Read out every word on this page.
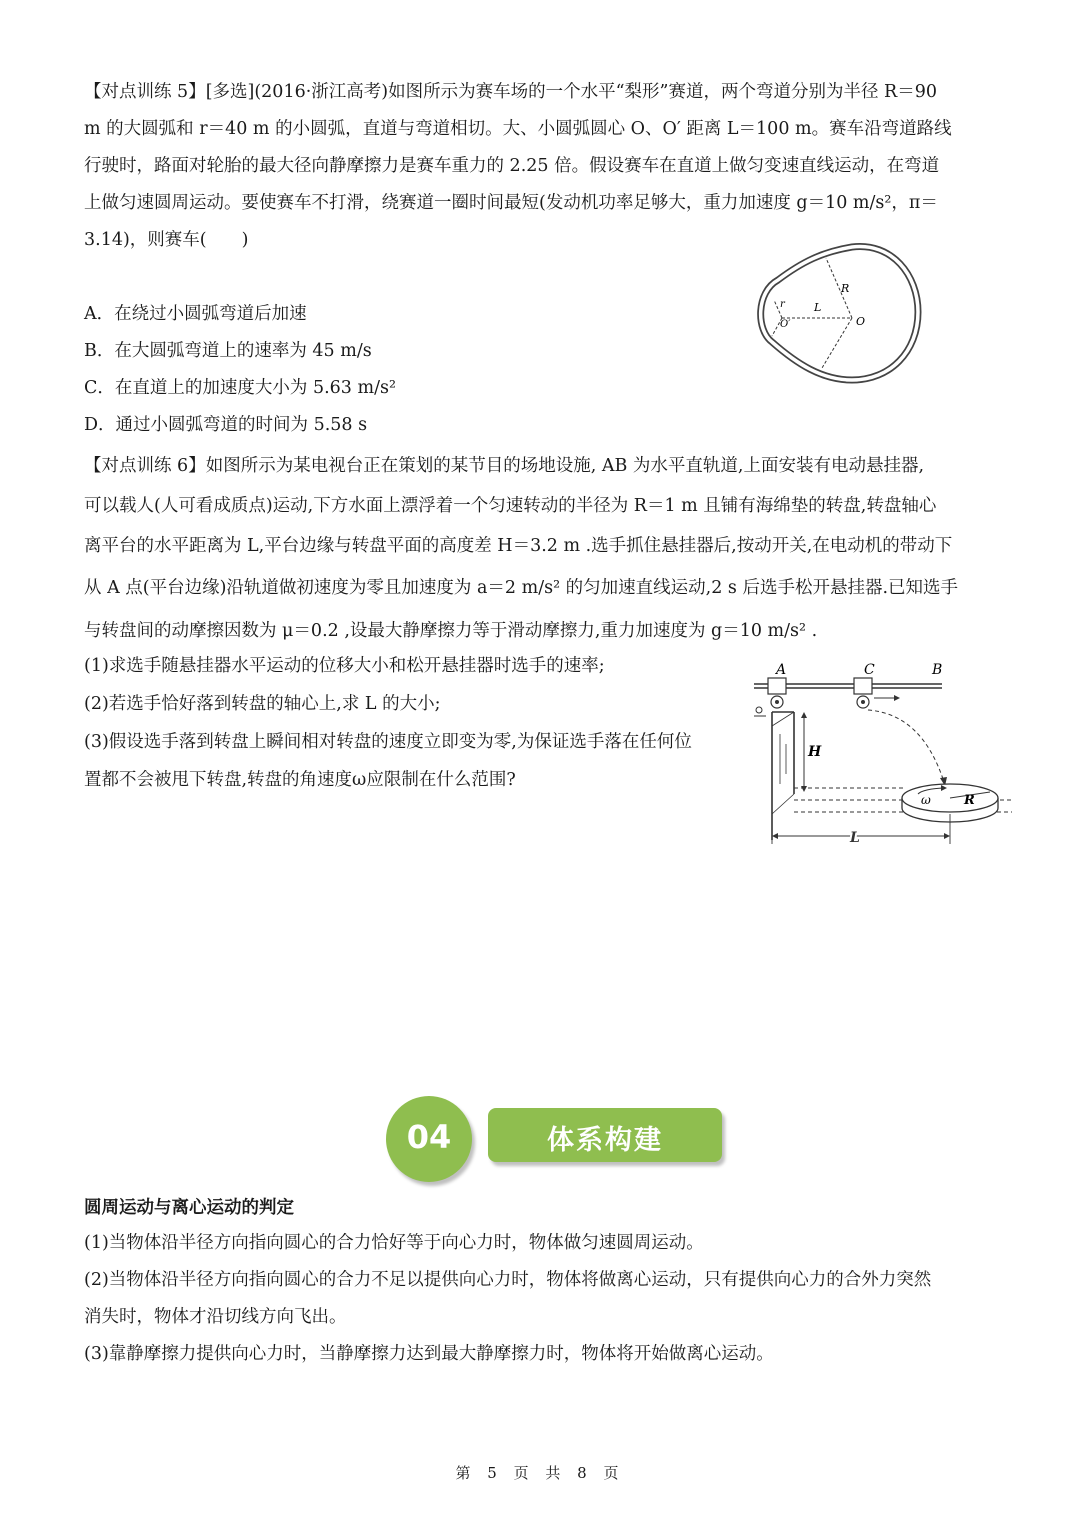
【对点训练 5】[多选](2016·浙江高考)如图所示为赛车场的一个水平“梨形”赛道，两个弯道分别为半径 R＝90
m 的大圆弧和 r＝40 m 的小圆弧，直道与弯道相切。大、小圆弧圆心 O、O′ 距离 L＝100 m。赛车沿弯道路线
行驶时，路面对轮胎的最大径向静摩擦力是赛车重力的 2.25 倍。假设赛车在直道上做匀变速直线运动，在弯道
上做匀速圆周运动。要使赛车不打滑，绕赛道一圈时间最短(发动机功率足够大，重力加速度 g＝10 m/s²，π＝
3.14)，则赛车(　　)
A．在绕过小圆弧弯道后加速
B．在大圆弧弯道上的速率为 45 m/s
C．在直道上的加速度大小为 5.63 m/s²
D．通过小圆弧弯道的时间为 5.58 s
R
L
r
O
O′
【对点训练 6】如图所示为某电视台正在策划的某节目的场地设施, AB 为水平直轨道,上面安装有电动悬挂器,
可以载人(人可看成质点)运动,下方水面上漂浮着一个匀速转动的半径为 R＝1 m 且铺有海绵垫的转盘,转盘轴心
离平台的水平距离为 L,平台边缘与转盘平面的高度差 H＝3.2 m .选手抓住悬挂器后,按动开关,在电动机的带动下
从 A 点(平台边缘)沿轨道做初速度为零且加速度为 a＝2 m/s² 的匀加速直线运动,2 s 后选手松开悬挂器.已知选手
与转盘间的动摩擦因数为 μ＝0.2 ,设最大静摩擦力等于滑动摩擦力,重力加速度为 g＝10 m/s² .
(1)求选手随悬挂器水平运动的位移大小和松开悬挂器时选手的速率;
(2)若选手恰好落到转盘的轴心上,求 L 的大小;
(3)假设选手落到转盘上瞬间相对转盘的速度立即变为零,为保证选手落在任何位
置都不会被甩下转盘,转盘的角速度ω应限制在什么范围?
A	C	B
H
ω	R
L
04	体系构建
圆周运动与离心运动的判定
(1)当物体沿半径方向指向圆心的合力恰好等于向心力时，物体做匀速圆周运动。
(2)当物体沿半径方向指向圆心的合力不足以提供向心力时，物体将做离心运动，只有提供向心力的合外力突然
消失时，物体才沿切线方向飞出。
(3)靠静摩擦力提供向心力时，当静摩擦力达到最大静摩擦力时，物体将开始做离心运动。
第 5 页 共 8 页
